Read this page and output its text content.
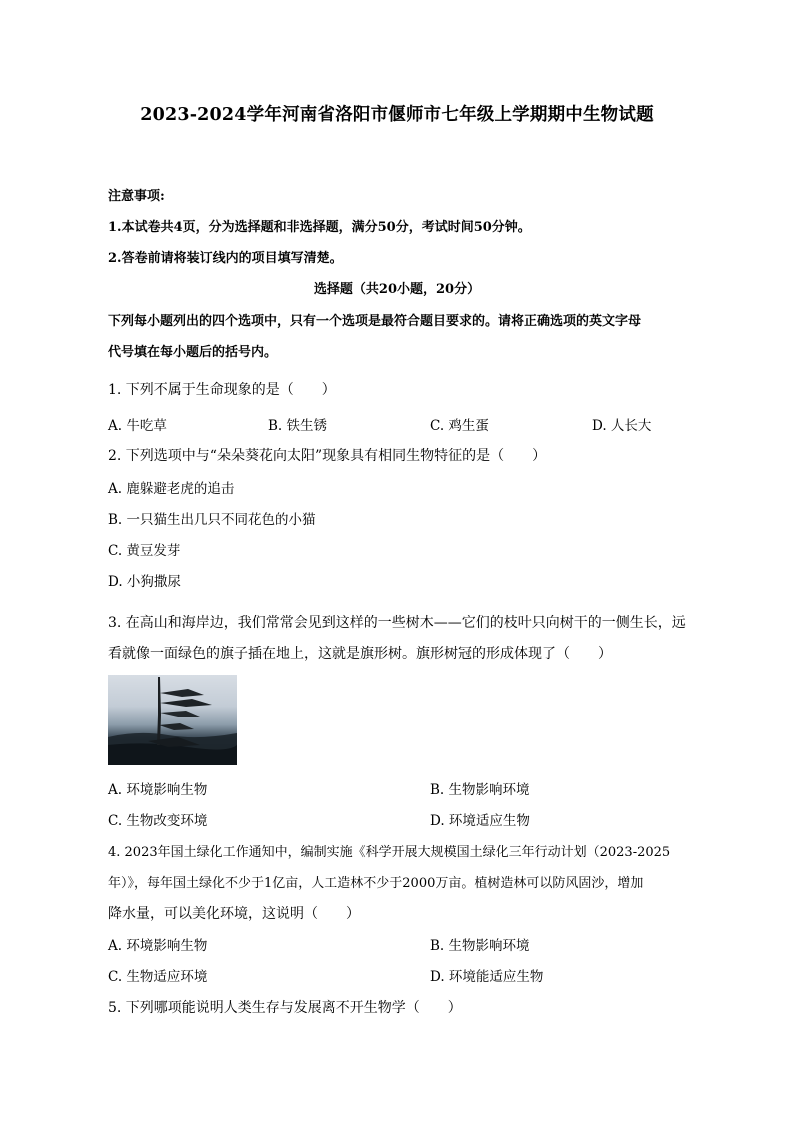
2023-2024学年河南省洛阳市偃师市七年级上学期期中生物试题
注意事项:
1.本试卷共4页，分为选择题和非选择题，满分50分，考试时间50分钟。
2.答卷前请将装订线内的项目填写清楚。
选择题（共20小题，20分）
下列每小题列出的四个选项中，只有一个选项是最符合题目要求的。请将正确选项的英文字母
代号填在每小题后的括号内。
1. 下列不属于生命现象的是（　　）
A. 牛吃草	B. 铁生锈	C. 鸡生蛋	D. 人长大
2. 下列选项中与“朵朵葵花向太阳”现象具有相同生物特征的是（　　）
A. 鹿躲避老虎的追击
B. 一只猫生出几只不同花色的小猫
C. 黄豆发芽
D. 小狗撒尿
3. 在高山和海岸边，我们常常会见到这样的一些树木——它们的枝叶只向树干的一侧生长，远
看就像一面绿色的旗子插在地上，这就是旗形树。旗形树冠的形成体现了（　　）
A. 环境影响生物	B. 生物影响环境
C. 生物改变环境	D. 环境适应生物
4. 2023年国土绿化工作通知中，编制实施《科学开展大规模国土绿化三年行动计划（2023-2025
年）》，每年国土绿化不少于1亿亩，人工造林不少于2000万亩。植树造林可以防风固沙，增加
降水量，可以美化环境，这说明（　　）
A. 环境影响生物	B. 生物影响环境
C. 生物适应环境	D. 环境能适应生物
5. 下列哪项能说明人类生存与发展离不开生物学（　　）
